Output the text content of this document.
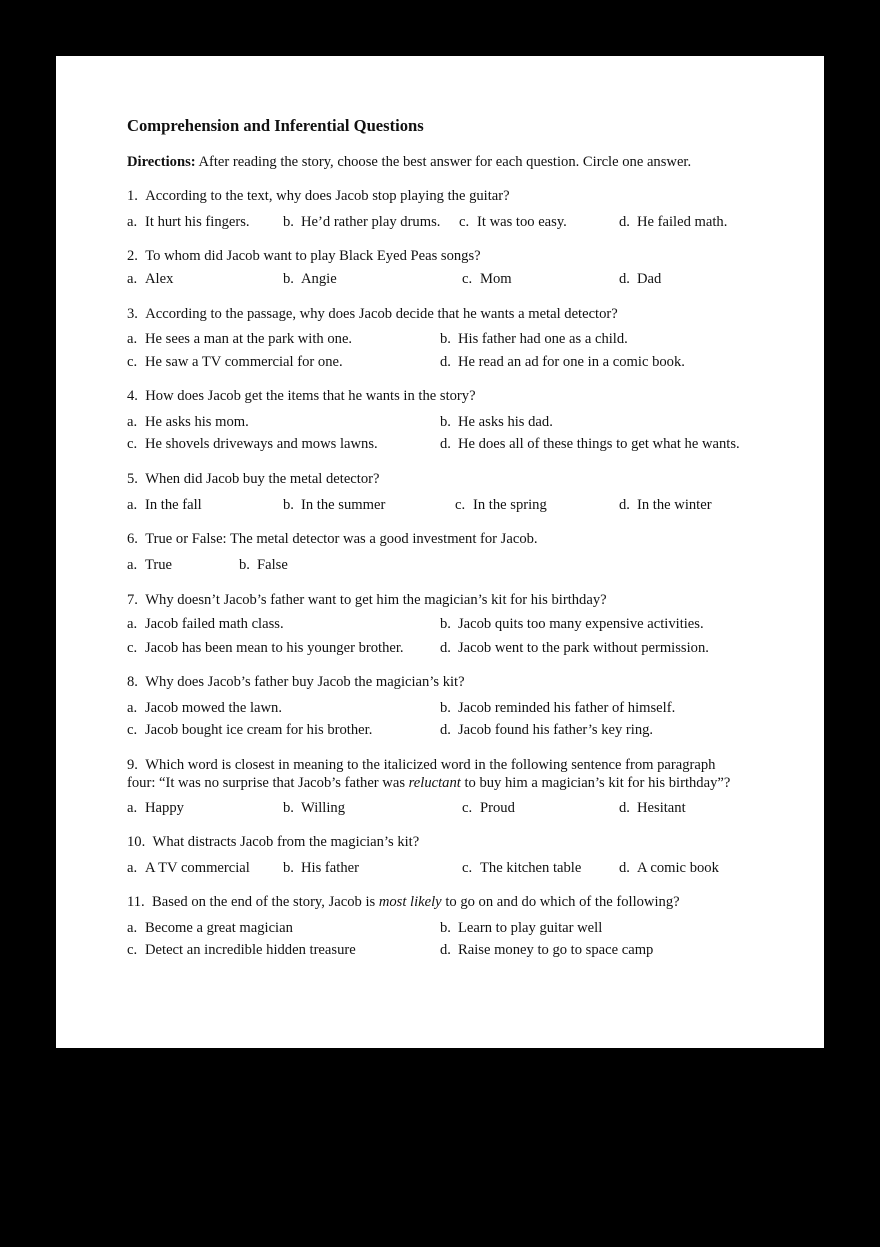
Comprehension and Inferential Questions
Directions: After reading the story, choose the best answer for each question. Circle one answer.
1. According to the text, why does Jacob stop playing the guitar?
a. It hurt his fingers. b. He’d rather play drums. c. It was too easy.	d. He failed math.
2. To whom did Jacob want to play Black Eyed Peas songs?
a. Alex	b. Angie	c. Mom	d. Dad
3. According to the passage, why does Jacob decide that he wants a metal detector?
a. He sees a man at the park with one.	b. His father had one as a child.
c. He saw a TV commercial for one.	d. He read an ad for one in a comic book.
4. How does Jacob get the items that he wants in the story?
a. He asks his mom.	b. He asks his dad.
c. He shovels driveways and mows lawns.	d. He does all of these things to get what he wants.
5. When did Jacob buy the metal detector?
a. In the fall	b. In the summer	c. In the spring	d. In the winter
6. True or False: The metal detector was a good investment for Jacob.
a. True	b. False
7. Why doesn’t Jacob’s father want to get him the magician’s kit for his birthday?
a. Jacob failed math class.	b. Jacob quits too many expensive activities.
c. Jacob has been mean to his younger brother. d. Jacob went to the park without permission.
8. Why does Jacob’s father buy Jacob the magician’s kit?
a. Jacob mowed the lawn.	b. Jacob reminded his father of himself.
c. Jacob bought ice cream for his brother.	d. Jacob found his father’s key ring.
9. Which word is closest in meaning to the italicized word in the following sentence from paragraph
four: “It was no surprise that Jacob’s father was reluctant to buy him a magician’s kit for his birthday”?
a. Happy	b. Willing	c. Proud	d. Hesitant
10. What distracts Jacob from the magician’s kit?
a. A TV commercial b. His father	c. The kitchen table	d. A comic book
11. Based on the end of the story, Jacob is most likely to go on and do which of the following?
a. Become a great magician	b. Learn to play guitar well
c. Detect an incredible hidden treasure	d. Raise money to go to space camp
